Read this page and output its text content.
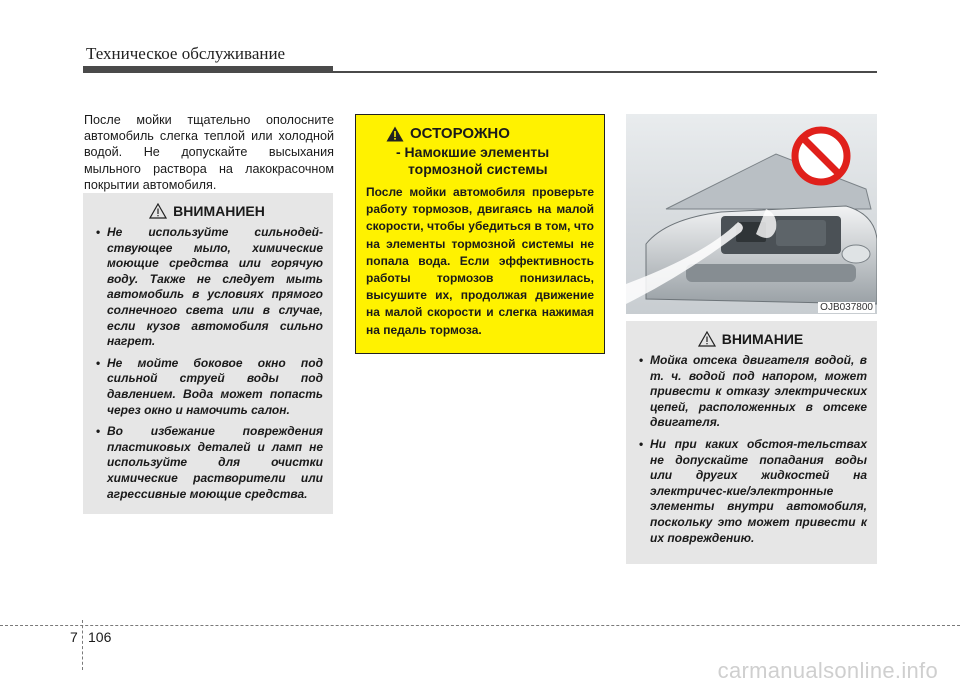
Техническое обслуживание

После мойки тщательно ополосните автомобиль слегка теплой или холодной водой. Не допускайте высыхания мыльного раствора на лакокрасочном покрытии автомобиля.

ВНИМАНИЕН
• Не используйте сильнодей-ствующее мыло, химические моющие средства или горячую воду. Также не следует мыть автомобиль в условиях прямого солнечного света или в случае, если кузов автомобиля сильно нагрет.
• Не мойте боковое окно под сильной струей воды под давлением. Вода может попасть через окно и намочить салон.
• Во избежание повреждения пластиковых деталей и ламп не используйте для очистки химические растворители или агрессивные моющие средства.
ОСТОРОЖНО
- Намокшие элементы
тормозной системы

После мойки автомобиля проверьте работу тормозов, двигаясь на малой скорости, чтобы убедиться в том, что на элементы тормозной системы не попала вода. Если эффективность работы тормозов понизилась, высушите их, продолжая движение на малой скорости и слегка нажимая на педаль тормоза.

OJB037800
ВНИМАНИЕ
• Мойка отсека двигателя водой, в т. ч. водой под напором, может привести к отказу электрических цепей, расположенных в отсеке двигателя.
• Ни при каких обстоя-тельствах не допускайте попадания воды или других жидкостей на электричес-кие/электронные элементы внутри автомобиля, поскольку это может привести к их повреждению.
7 106
carmanualsonline.info
